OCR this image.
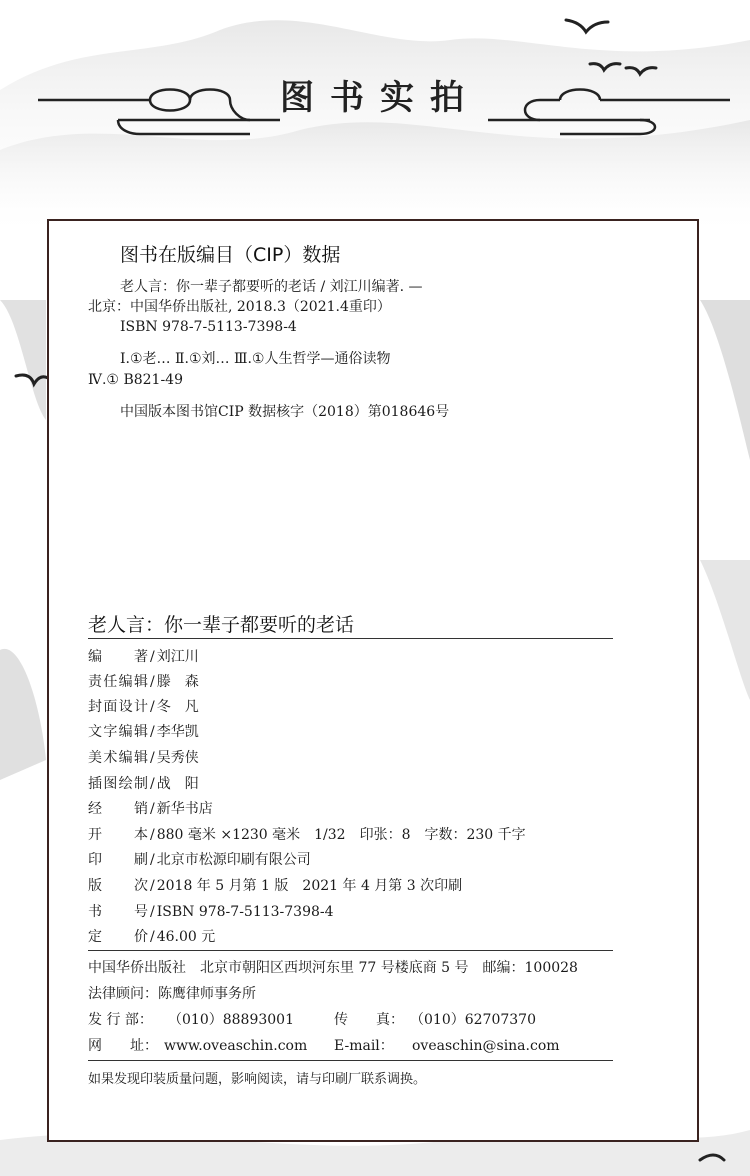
图书实拍
图书在版编目（CIP）数据
老人言：你一辈子都要听的老话 / 刘江川编著. —
北京：中国华侨出版社, 2018.3（2021.4重印）
ISBN 978-7-5113-7398-4
Ⅰ.①老… Ⅱ.①刘… Ⅲ.①人生哲学—通俗读物
Ⅳ.① B821-49
中国版本图书馆CIP 数据核字（2018）第018646号
老人言：你一辈子都要听的老话
编著 / 刘江川
责任编辑 / 滕　森
封面设计 / 冬　凡
文字编辑 / 李华凯
美术编辑 / 吴秀侠
插图绘制 / 战　阳
经销 / 新华书店
开本 / 880 毫米 ×1230 毫米　1/32　印张：8　字数：230 千字
印刷 / 北京市松源印刷有限公司
版次 / 2018 年 5 月第 1 版　2021 年 4 月第 3 次印刷
书号 / ISBN 978-7-5113-7398-4
定价 / 46.00 元
中国华侨出版社　北京市朝阳区西坝河东里 77 号楼底商 5 号　邮编：100028
法律顾问：陈鹰律师事务所
发 行 部： （010）88893001	传　　真： （010）62707370
网　　址： www.oveaschin.com E-mail： oveaschin@sina.com
如果发现印装质量问题，影响阅读，请与印刷厂联系调换。
